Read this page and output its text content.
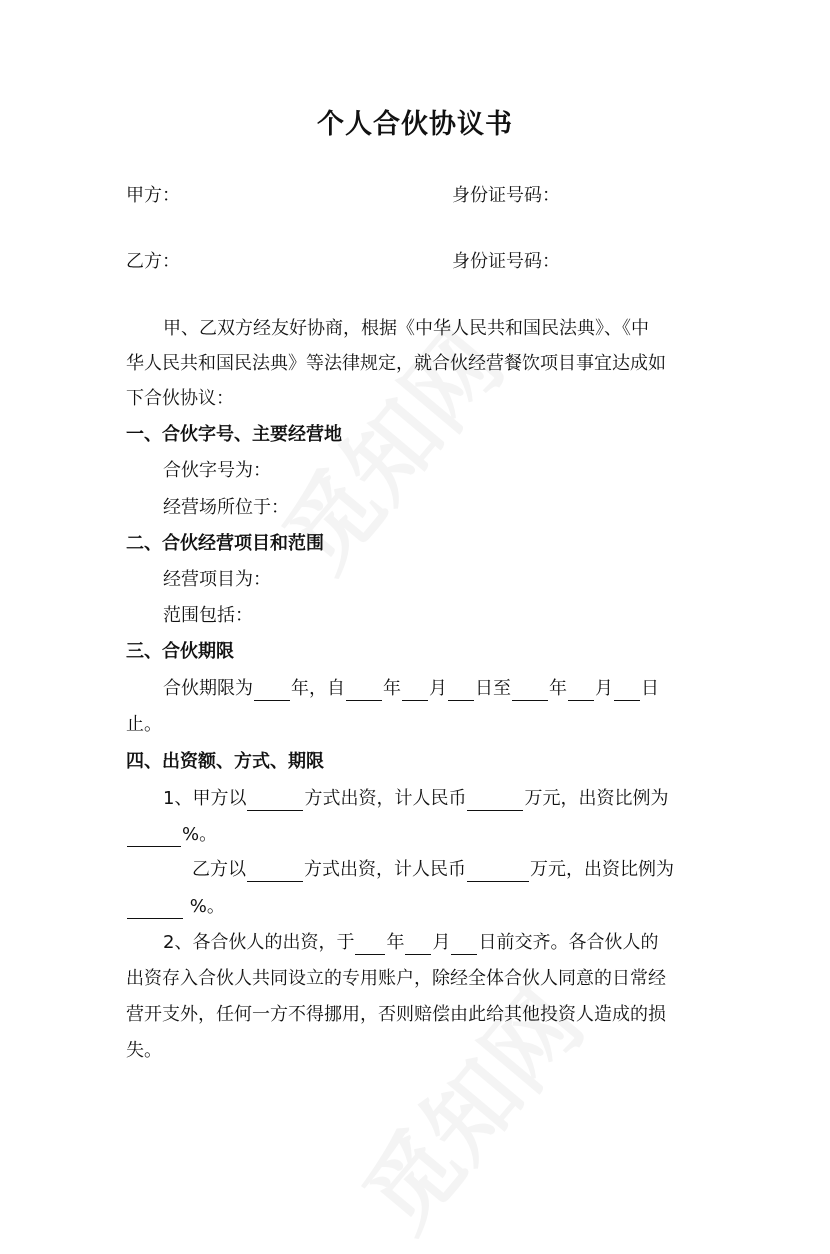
个人合伙协议书
甲方：	身份证号码：
乙方：	身份证号码：
甲、乙双方经友好协商，根据《中华人民共和国民法典》、《中
华人民共和国民法典》等法律规定，就合伙经营餐饮项目事宜达成如
下合伙协议：
一、合伙字号、主要经营地
合伙字号为：
经营场所位于：
二、合伙经营项目和范围
经营项目为：
范围包括：
三、合伙期限
合伙期限为 年，自 年 月 日至 年 月 日
止。
四、出资额、方式、期限
1、甲方以	方式出资，计人民币	万元，出资比例为
%。
乙方以	方式出资，计人民币	万元，出资比例为
%。
2、各合伙人的出资，于 年 月 日前交齐。各合伙人的
出资存入合伙人共同设立的专用账户，除经全体合伙人同意的日常经
营开支外，任何一方不得挪用，否则赔偿由此给其他投资人造成的损
失。
